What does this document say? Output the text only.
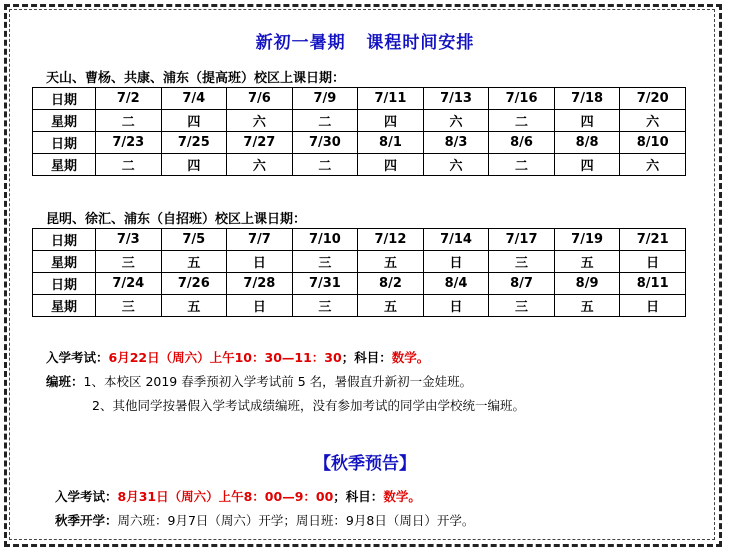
新初一暑期   课程时间安排
天山、曹杨、共康、浦东（提高班）校区上课日期：
日期	7/2	7/4	7/6	7/9	7/11	7/13	7/16	7/18	7/20
星期	二	四	六	二	四	六	二	四	六
日期	7/23	7/25	7/27	7/30	8/1	8/3	8/6	8/8	8/10
星期	二	四	六	二	四	六	二	四	六
昆明、徐汇、浦东（自招班）校区上课日期：
日期	7/3	7/5	7/7	7/10	7/12	7/14	7/17	7/19	7/21
星期	三	五	日	三	五	日	三	五	日
日期	7/24	7/26	7/28	7/31	8/2	8/4	8/7	8/9	8/11
星期	三	五	日	三	五	日	三	五	日
入学考试：6月22日（周六）上午10：30—11：30；科目：数学。
编班：1、本校区 2019 春季预初入学考试前 5 名，暑假直升新初一金娃班。
2、其他同学按暑假入学考试成绩编班，没有参加考试的同学由学校统一编班。
【秋季预告】
入学考试：8月31日（周六）上午8：00—9：00；科目：数学。
秋季开学：周六班：9月7日（周六）开学；周日班：9月8日（周日）开学。
